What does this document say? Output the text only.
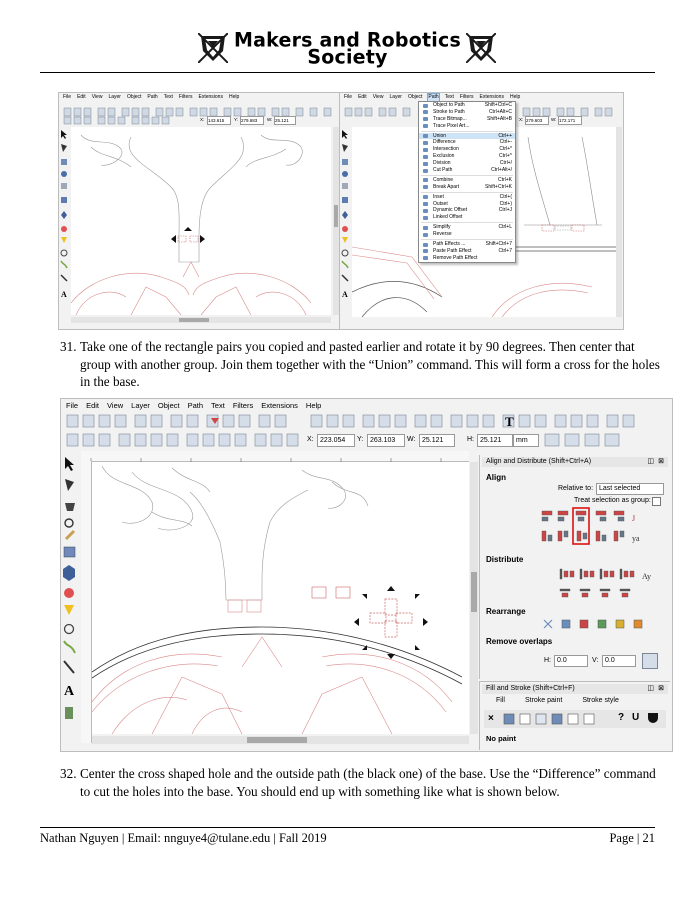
Makers and Robotics
Society
File Edit View Layer Object Path Text Filters Extensions Help
X: 143.615	Y: 279.683	W: 25.121
A
File Edit View Layer Object Path Text Filters Extensions Help
X: 279.603	W: 172.171
A
Object to Path	Shift+Ctrl+C
Stroke to Path	Ctrl+Alt+C
Trace Bitmap...	Shift+Alt+B
Trace Pixel Art...
Union	Ctrl++
Difference	Ctrl+-
Intersection	Ctrl+*
Exclusion	Ctrl+^
Division	Ctrl+/
Cut Path	Ctrl+Alt+/
Combine	Ctrl+K
Break Apart	Shift+Ctrl+K
Inset	Ctrl+(
Outset	Ctrl+)
Dynamic Offset	Ctrl+J
Linked Offset
Simplify	Ctrl+L
Reverse
Path Effects ...	Shift+Ctrl+7
Paste Path Effect	Ctrl+7
Remove Path Effect
31. Take one of the rectangle pairs you copied and pasted earlier and rotate it by 90 degrees. Then center that group with another group. Join them together with the “Union” command. This will form a cross for the holes in the base.
File Edit View Layer Object Path Text Filters Extensions Help
T
X: 223.054	Y: 263.103	W: 25.121	H: 25.121	mm
A
Align and Distribute (Shift+Ctrl+A)	◫ ⊠
Align
Relative to: Last selected
Treat selection as group:
J
ya
Distribute
Ay
Rearrange
Remove overlaps
H: 0.0	V: 0.0
Fill and Stroke (Shift+Ctrl+F)	◫ ⊠
Fill	Stroke paint	Stroke style
×	? U
No paint
32. Center the cross shaped hole and the outside path (the black one) of the base. Use the “Difference” command to cut the holes into the base. You should end up with something like what is shown below.
Nathan Nguyen | Email: nnguye4@tulane.edu | Fall 2019	Page | 21
